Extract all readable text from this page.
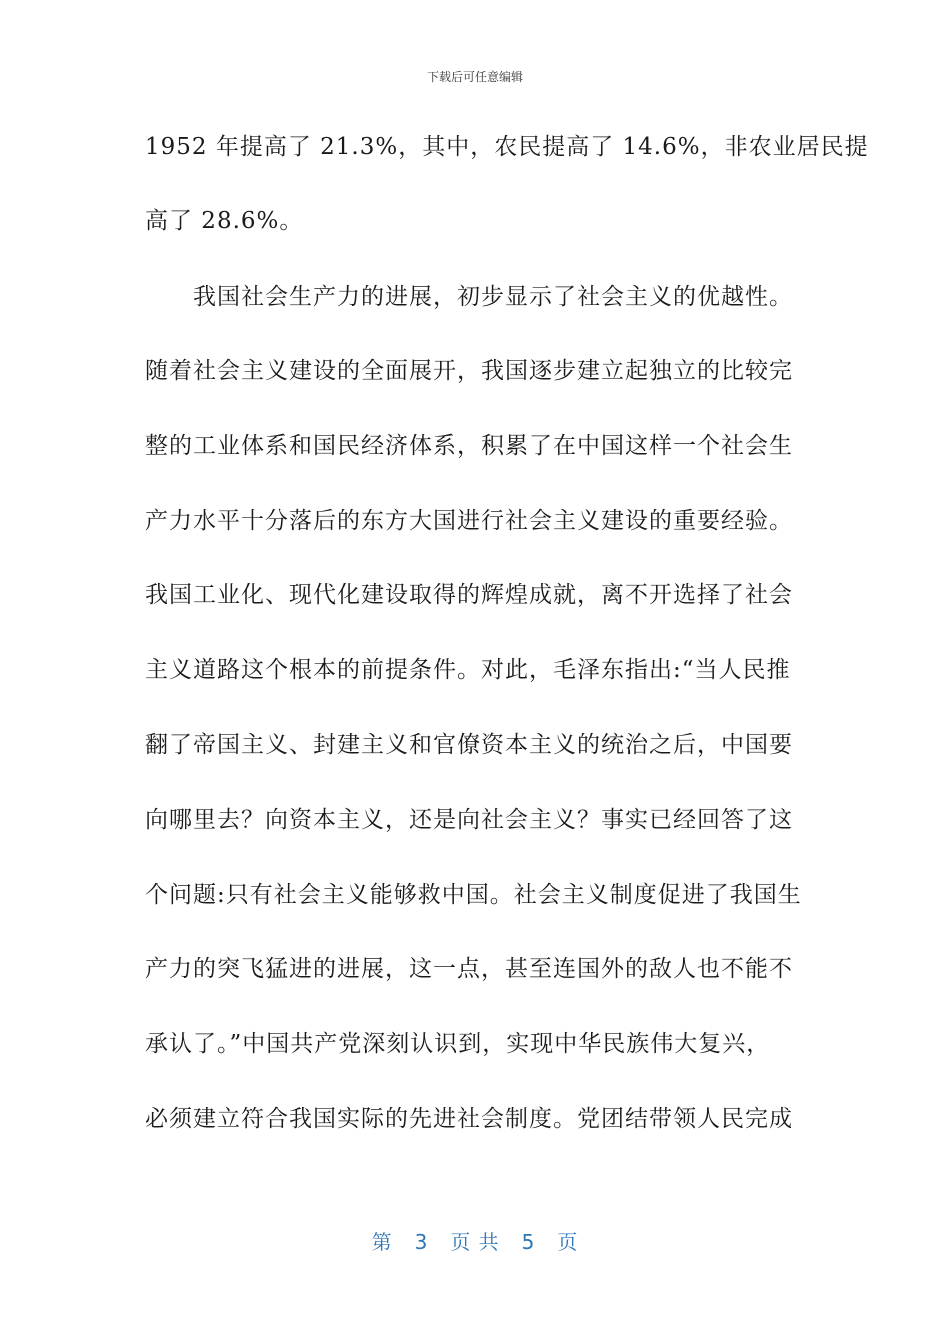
下载后可任意编辑
1952 年提高了 21.3%，其中，农民提高了 14.6%，非农业居民提
高了 28.6%。
我国社会生产力的进展，初步显示了社会主义的优越性。
随着社会主义建设的全面展开，我国逐步建立起独立的比较完
整的工业体系和国民经济体系，积累了在中国这样一个社会生
产力水平十分落后的东方大国进行社会主义建设的重要经验。
我国工业化、现代化建设取得的辉煌成就，离不开选择了社会
主义道路这个根本的前提条件。对此，毛泽东指出:“当人民推
翻了帝国主义、封建主义和官僚资本主义的统治之后，中国要
向哪里去？向资本主义，还是向社会主义？事实已经回答了这
个问题:只有社会主义能够救中国。社会主义制度促进了我国生
产力的突飞猛进的进展，这一点，甚至连国外的敌人也不能不
承认了。”中国共产党深刻认识到，实现中华民族伟大复兴，
必须建立符合我国实际的先进社会制度。党团结带领人民完成
第 3 页 共 5 页
